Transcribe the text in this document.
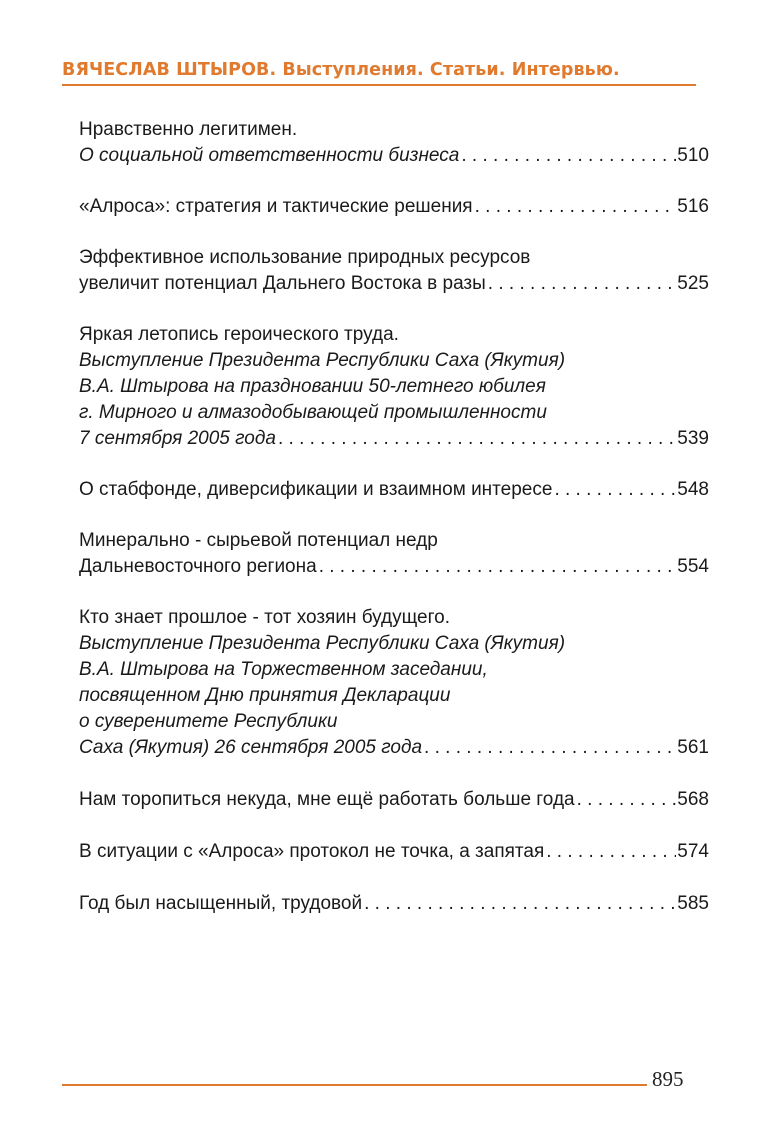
ВЯЧЕСЛАВ ШТЫРОВ. Выступления. Статьи. Интервью.
Нравственно легитимен.
О социальной ответственности бизнеса . . .	510
«Алроса»: стратегия и тактические решения . . .	516
Эффективное использование природных ресурсов
увеличит потенциал Дальнего Востока в разы . . .	525
Яркая летопись героического труда.
Выступление Президента Республики Саха (Якутия)
В.А. Штырова на праздновании 50-летнего юбилея
г. Мирного и алмазодобывающей промышленности
7 сентября 2005 года . . .	539
О стабфонде, диверсификации и взаимном интересе . . .	548
Минерально - сырьевой потенциал недр
Дальневосточного региона . . .	554
Кто знает прошлое - тот хозяин будущего.
Выступление Президента Республики Саха (Якутия)
В.А. Штырова на Торжественном заседании,
посвященном Дню принятия Декларации
о суверенитете Республики
Саха (Якутия) 26 сентября 2005 года . . .	561
Нам торопиться некуда, мне ещё работать больше года . . .	568
В ситуации с «Алроса» протокол не точка, а запятая . . .	574
Год был насыщенный, трудовой . . .	585
895
